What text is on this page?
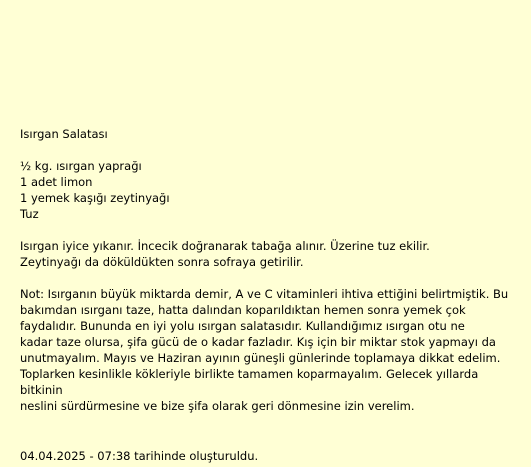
Isırgan Salatası
½ kg. ısırgan yaprağı
1 adet limon
1 yemek kaşığı zeytinyağı
Tuz
Isırgan iyice yıkanır. İncecik doğranarak tabağa alınır. Üzerine tuz ekilir.
Zeytinyağı da döküldükten sonra sofraya getirilir.
Not: Isırganın büyük miktarda demir, A ve C vitaminleri ihtiva ettiğini belirtmiştik. Bu
bakımdan ısırganı taze, hatta dalından koparıldıktan hemen sonra yemek çok
faydalıdır. Bununda en iyi yolu ısırgan salatasıdır. Kullandığımız ısırgan otu ne
kadar taze olursa, şifa gücü de o kadar fazladır. Kış için bir miktar stok yapmayı da
unutmayalım. Mayıs ve Haziran ayının güneşli günlerinde toplamaya dikkat edelim.
Toplarken kesinlikle kökleriyle birlikte tamamen koparmayalım. Gelecek yıllarda bitkinin
neslini sürdürmesine ve bize şifa olarak geri dönmesine izin verelim.
04.04.2025 - 07:38 tarihinde oluşturuldu.
